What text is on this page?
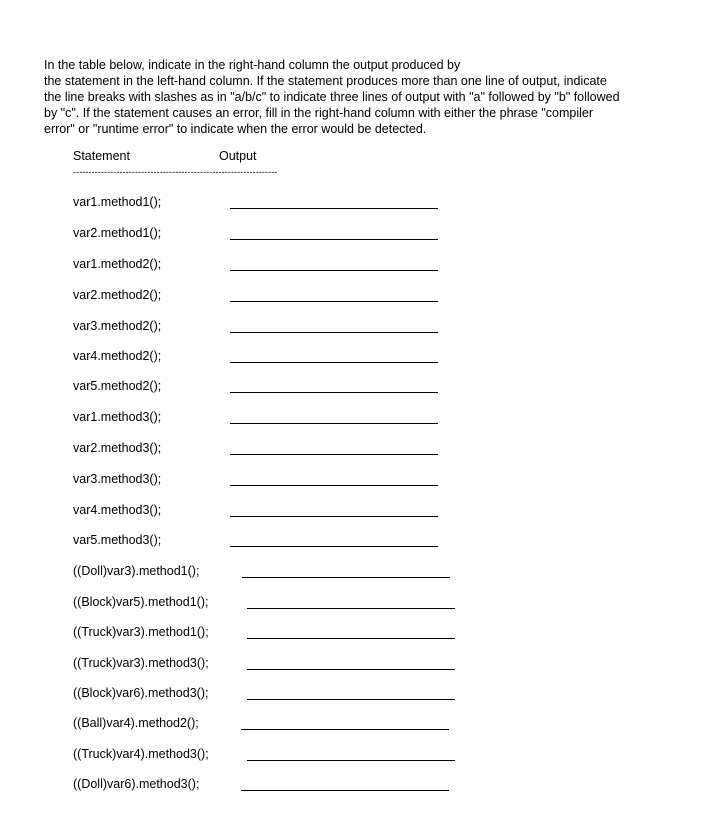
In the table below, indicate in the right-hand column the output produced by
the statement in the left-hand column. If the statement produces more than one line of output, indicate
the line breaks with slashes as in "a/b/c" to indicate three lines of output with "a" followed by "b" followed
by "c". If the statement causes an error, fill in the right-hand column with either the phrase "compiler
error" or "runtime error" to indicate when the error would be detected.
Statement	Output
------------------------------------------------------------------
var1.method1();
var2.method1();
var1.method2();
var2.method2();
var3.method2();
var4.method2();
var5.method2();
var1.method3();
var2.method3();
var3.method3();
var4.method3();
var5.method3();
((Doll)var3).method1();
((Block)var5).method1();
((Truck)var3).method1();
((Truck)var3).method3();
((Block)var6).method3();
((Ball)var4).method2();
((Truck)var4).method3();
((Doll)var6).method3();
